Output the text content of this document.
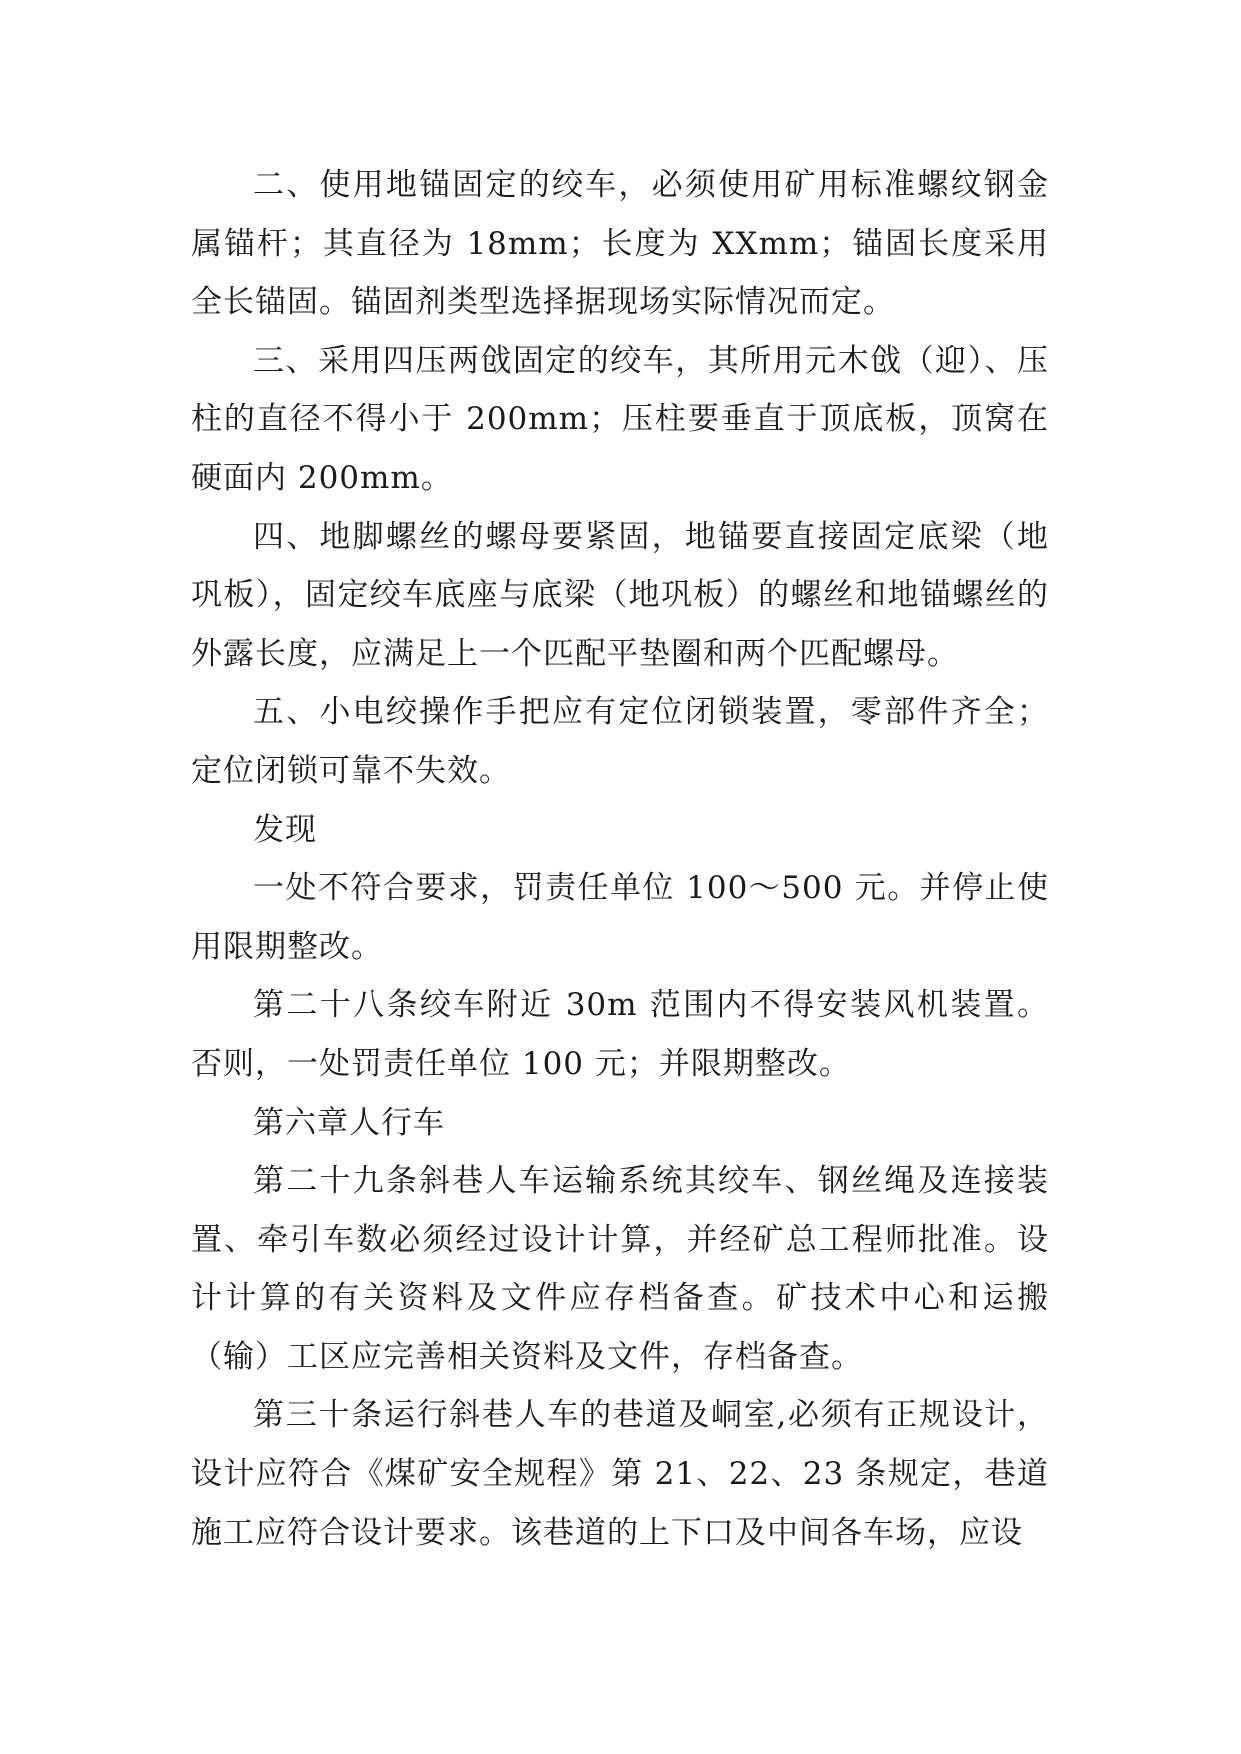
二、使用地锚固定的绞车，必须使用矿用标准螺纹钢金属锚杆；其直径为 18mm；长度为 XXmm；锚固长度采用全长锚固。锚固剂类型选择据现场实际情况而定。

三、采用四压两戗固定的绞车，其所用元木戗（迎）、压柱的直径不得小于 200mm；压柱要垂直于顶底板，顶窝在硬面内 200mm。

四、地脚螺丝的螺母要紧固，地锚要直接固定底梁（地巩板），固定绞车底座与底梁（地巩板）的螺丝和地锚螺丝的外露长度，应满足上一个匹配平垫圈和两个匹配螺母。

五、小电绞操作手把应有定位闭锁装置，零部件齐全；定位闭锁可靠不失效。

发现

一处不符合要求，罚责任单位 100～500 元。并停止使用限期整改。

第二十八条绞车附近 30m 范围内不得安装风机装置。否则，一处罚责任单位 100 元；并限期整改。

第六章人行车

第二十九条斜巷人车运输系统其绞车、钢丝绳及连接装置、牵引车数必须经过设计计算，并经矿总工程师批准。设计计算的有关资料及文件应存档备查。矿技术中心和运搬（输）工区应完善相关资料及文件，存档备查。

第三十条运行斜巷人车的巷道及峒室,必须有正规设计，设计应符合《煤矿安全规程》第 21、22、23 条规定，巷道施工应符合设计要求。该巷道的上下口及中间各车场，应设
